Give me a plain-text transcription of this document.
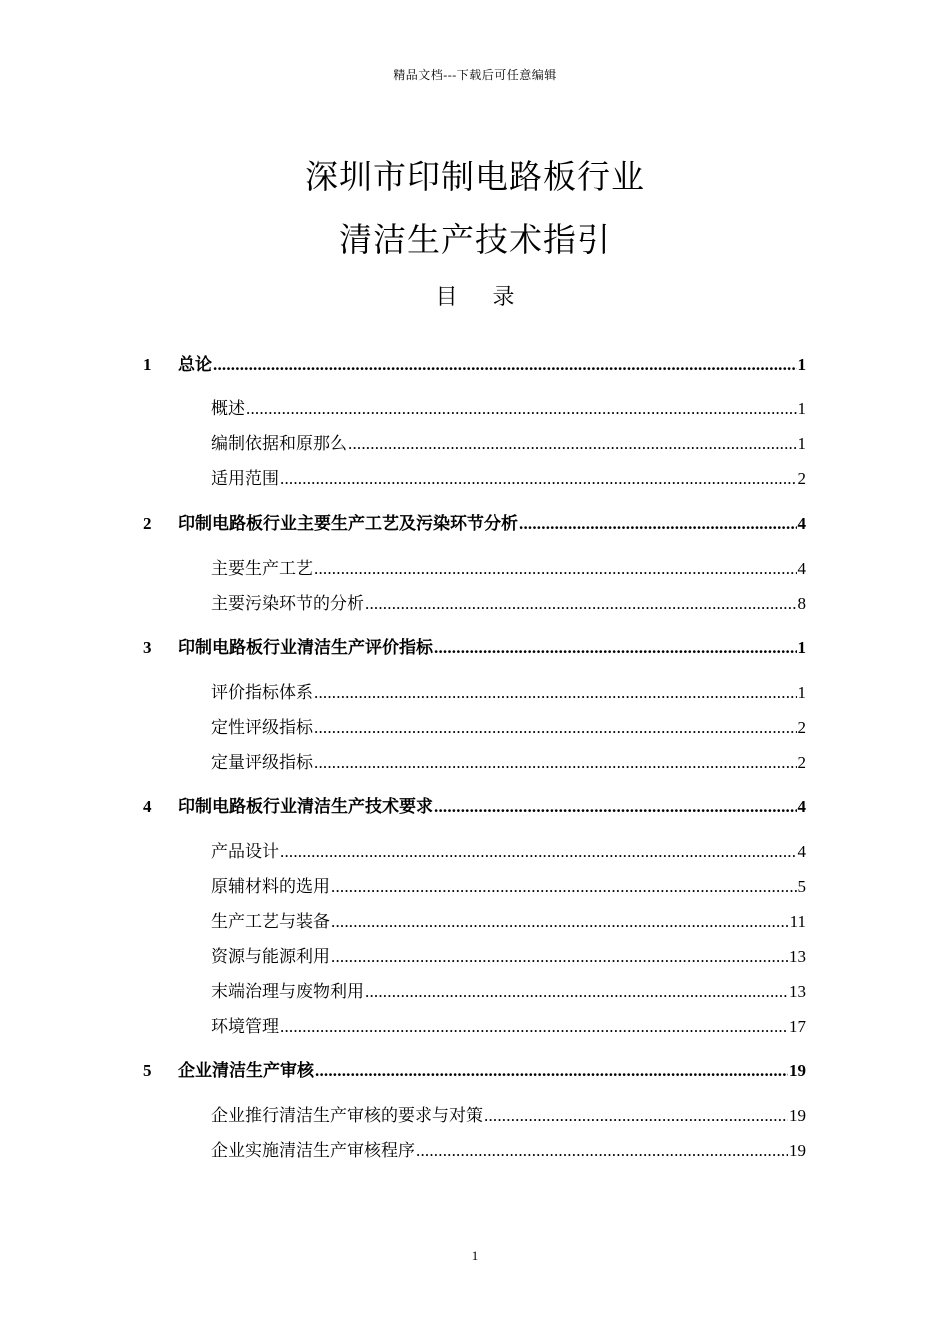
精品文档---下载后可任意编辑
深圳市印制电路板行业
清洁生产技术指引
目 录
1 总论 .....	1
概述 .....	1
编制依据和原那么 .....	1
适用范围 .....	2
2 印制电路板行业主要生产工艺及污染环节分析 .....	4
主要生产工艺 .....	4
主要污染环节的分析 .....	8
3 印制电路板行业清洁生产评价指标 .....	1
评价指标体系 .....	1
定性评级指标 .....	2
定量评级指标 .....	2
4 印制电路板行业清洁生产技术要求 .....	4
产品设计 .....	4
原辅材料的选用 .....	5
生产工艺与装备 .....	11
资源与能源利用 .....	13
末端治理与废物利用 .....	13
环境管理 .....	17
5 企业清洁生产审核 .....	19
企业推行清洁生产审核的要求与对策 .....	19
企业实施清洁生产审核程序 .....	19
1
